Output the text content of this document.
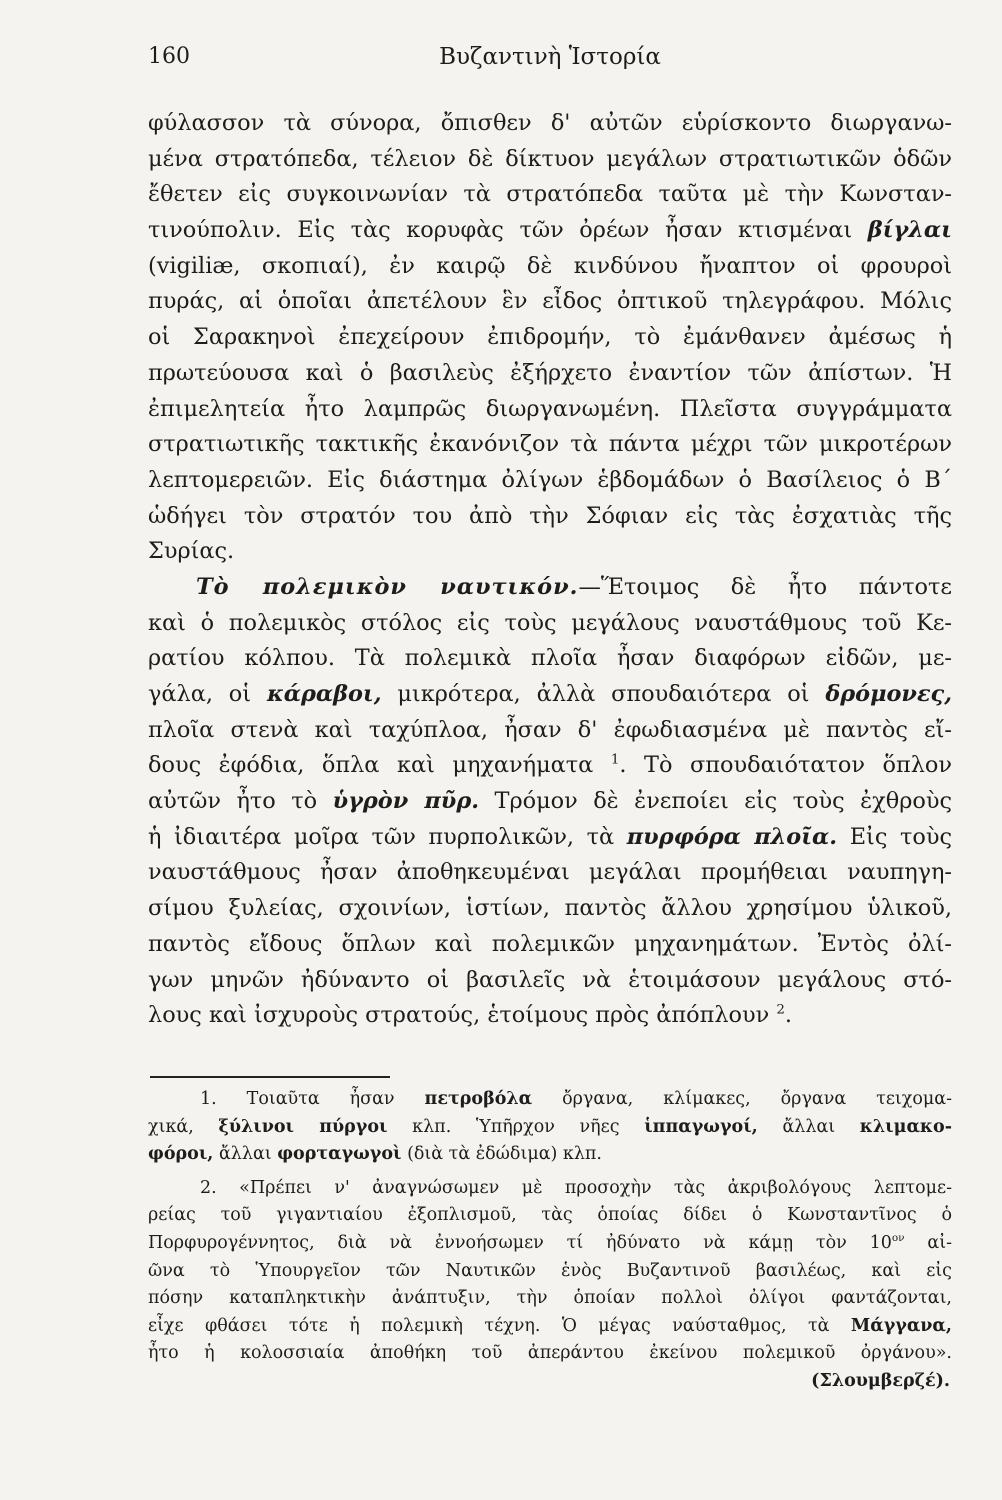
160	Βυζαντινὴ Ἱστορία
φύλασσον τὰ σύνορα, ὄπισθεν δ' αὐτῶν εὑρίσκοντο διωργανω-
μένα στρατόπεδα, τέλειον δὲ δίκτυον μεγάλων στρατιωτικῶν ὁδῶν
ἔθετεν εἰς συγκοινωνίαν τὰ στρατόπεδα ταῦτα μὲ τὴν Κωνσταν-
τινούπολιν. Εἰς τὰς κορυφὰς τῶν ὀρέων ἦσαν κτισμέναι βίγλαι
(vigiliæ, σκοπιαί), ἐν καιρῷ δὲ κινδύνου ἤναπτον οἱ φρουροὶ
πυράς, αἱ ὁποῖαι ἀπετέλουν ἓν εἶδος ὀπτικοῦ τηλεγράφου. Μόλις
οἱ Σαρακηνοὶ ἐπεχείρουν ἐπιδρομήν, τὸ ἐμάνθανεν ἀμέσως ἡ
πρωτεύουσα καὶ ὁ βασιλεὺς ἐξήρχετο ἐναντίον τῶν ἀπίστων. Ἡ
ἐπιμελητεία ἦτο λαμπρῶς διωργανωμένη. Πλεῖστα συγγράμματα
στρατιωτικῆς τακτικῆς ἐκανόνιζον τὰ πάντα μέχρι τῶν μικροτέρων
λεπτομερειῶν. Εἰς διάστημα ὀλίγων ἑβδομάδων ὁ Βασίλειος ὁ Β΄
ὡδήγει τὸν στρατόν του ἀπὸ τὴν Σόφιαν εἰς τὰς ἐσχατιὰς τῆς
Συρίας.
Τὸ πολεμικὸν ναυτικόν.—Ἕτοιμος δὲ ἦτο πάντοτε
καὶ ὁ πολεμικὸς στόλος εἰς τοὺς μεγάλους ναυστάθμους τοῦ Κε-
ρατίου κόλπου. Τὰ πολεμικὰ πλοῖα ἦσαν διαφόρων εἰδῶν, με-
γάλα, οἱ κάραβοι, μικρότερα, ἀλλὰ σπουδαιότερα οἱ δρόμονες,
πλοῖα στενὰ καὶ ταχύπλοα, ἦσαν δ' ἐφωδιασμένα μὲ παντὸς εἴ-
δους ἐφόδια, ὅπλα καὶ μηχανήματα $^1$. Τὸ σπουδαιότατον ὅπλον
αὐτῶν ἦτο τὸ ὑγρὸν πῦρ. Τρόμον δὲ ἐνεποίει εἰς τοὺς ἐχθροὺς
ἡ ἰδιαιτέρα μοῖρα τῶν πυρπολικῶν, τὰ πυρφόρα πλοῖα. Εἰς τοὺς
ναυστάθμους ἦσαν ἀποθηκευμέναι μεγάλαι προμήθειαι ναυπηγη-
σίμου ξυλείας, σχοινίων, ἱστίων, παντὸς ἄλλου χρησίμου ὑλικοῦ,
παντὸς εἴδους ὅπλων καὶ πολεμικῶν μηχανημάτων. Ἐντὸς ὀλί-
γων μηνῶν ἠδύναντο οἱ βασιλεῖς νὰ ἑτοιμάσουν μεγάλους στό-
λους καὶ ἰσχυροὺς στρατούς, ἑτοίμους πρὸς ἀπόπλουν $^2$.
1. Τοιαῦτα ἦσαν πετροβόλα ὄργανα, κλίμακες, ὄργανα τειχομα-
χικά, ξύλινοι πύργοι κλπ. Ὑπῆρχον νῆες ἱππαγωγοί, ἄλλαι κλιμακο-
φόροι, ἄλλαι φορταγωγοὶ (διὰ τὰ ἐδώδιμα) κλπ.
2. «Πρέπει ν' ἀναγνώσωμεν μὲ προσοχὴν τὰς ἀκριβολόγους λεπτομε-
ρείας τοῦ γιγαντιαίου ἐξοπλισμοῦ, τὰς ὁποίας δίδει ὁ Κωνσταντῖνος ὁ
Πορφυρογέννητος, διὰ νὰ ἐννοήσωμεν τί ἠδύνατο νὰ κάμῃ τὸν $10^{o\nu}$ αἰ-
ῶνα τὸ Ὑπουργεῖον τῶν Ναυτικῶν ἑνὸς Βυζαντινοῦ βασιλέως, καὶ εἰς
πόσην καταπληκτικὴν ἀνάπτυξιν, τὴν ὁποίαν πολλοὶ ὀλίγοι φαντάζονται,
εἶχε φθάσει τότε ἡ πολεμικὴ τέχνη. Ὁ μέγας ναύσταθμος, τὰ Μάγγανα,
ἦτο ἡ κολοσσιαία ἀποθήκη τοῦ ἀπεράντου ἐκείνου πολεμικοῦ ὀργάνου».
(Σλουμβερζέ).
